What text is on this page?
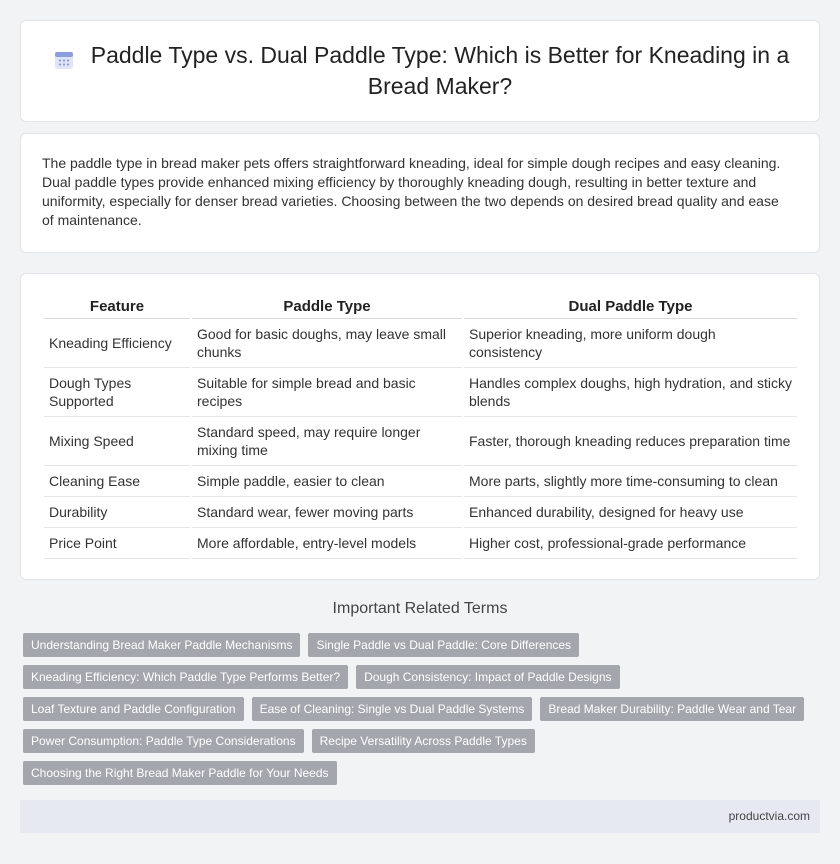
Paddle Type vs. Dual Paddle Type: Which is Better for Kneading in a Bread Maker?

The paddle type in bread maker pets offers straightforward kneading, ideal for simple dough recipes and easy cleaning. Dual paddle types provide enhanced mixing efficiency by thoroughly kneading dough, resulting in better texture and uniformity, especially for denser bread varieties. Choosing between the two depends on desired bread quality and ease of maintenance.

Feature	Paddle Type	Dual Paddle Type
Kneading Efficiency	Good for basic doughs, may leave small chunks	Superior kneading, more uniform dough consistency
Dough Types Supported	Suitable for simple bread and basic recipes	Handles complex doughs, high hydration, and sticky blends
Mixing Speed	Standard speed, may require longer mixing time	Faster, thorough kneading reduces preparation time
Cleaning Ease	Simple paddle, easier to clean	More parts, slightly more time-consuming to clean
Durability	Standard wear, fewer moving parts	Enhanced durability, designed for heavy use
Price Point	More affordable, entry-level models	Higher cost, professional-grade performance
Important Related Terms
Understanding Bread Maker Paddle Mechanisms	Single Paddle vs Dual Paddle: Core Differences
Kneading Efficiency: Which Paddle Type Performs Better?	Dough Consistency: Impact of Paddle Designs
Loaf Texture and Paddle Configuration	Ease of Cleaning: Single vs Dual Paddle Systems	Bread Maker Durability: Paddle Wear and Tear
Power Consumption: Paddle Type Considerations	Recipe Versatility Across Paddle Types
Choosing the Right Bread Maker Paddle for Your Needs
productvia.com
